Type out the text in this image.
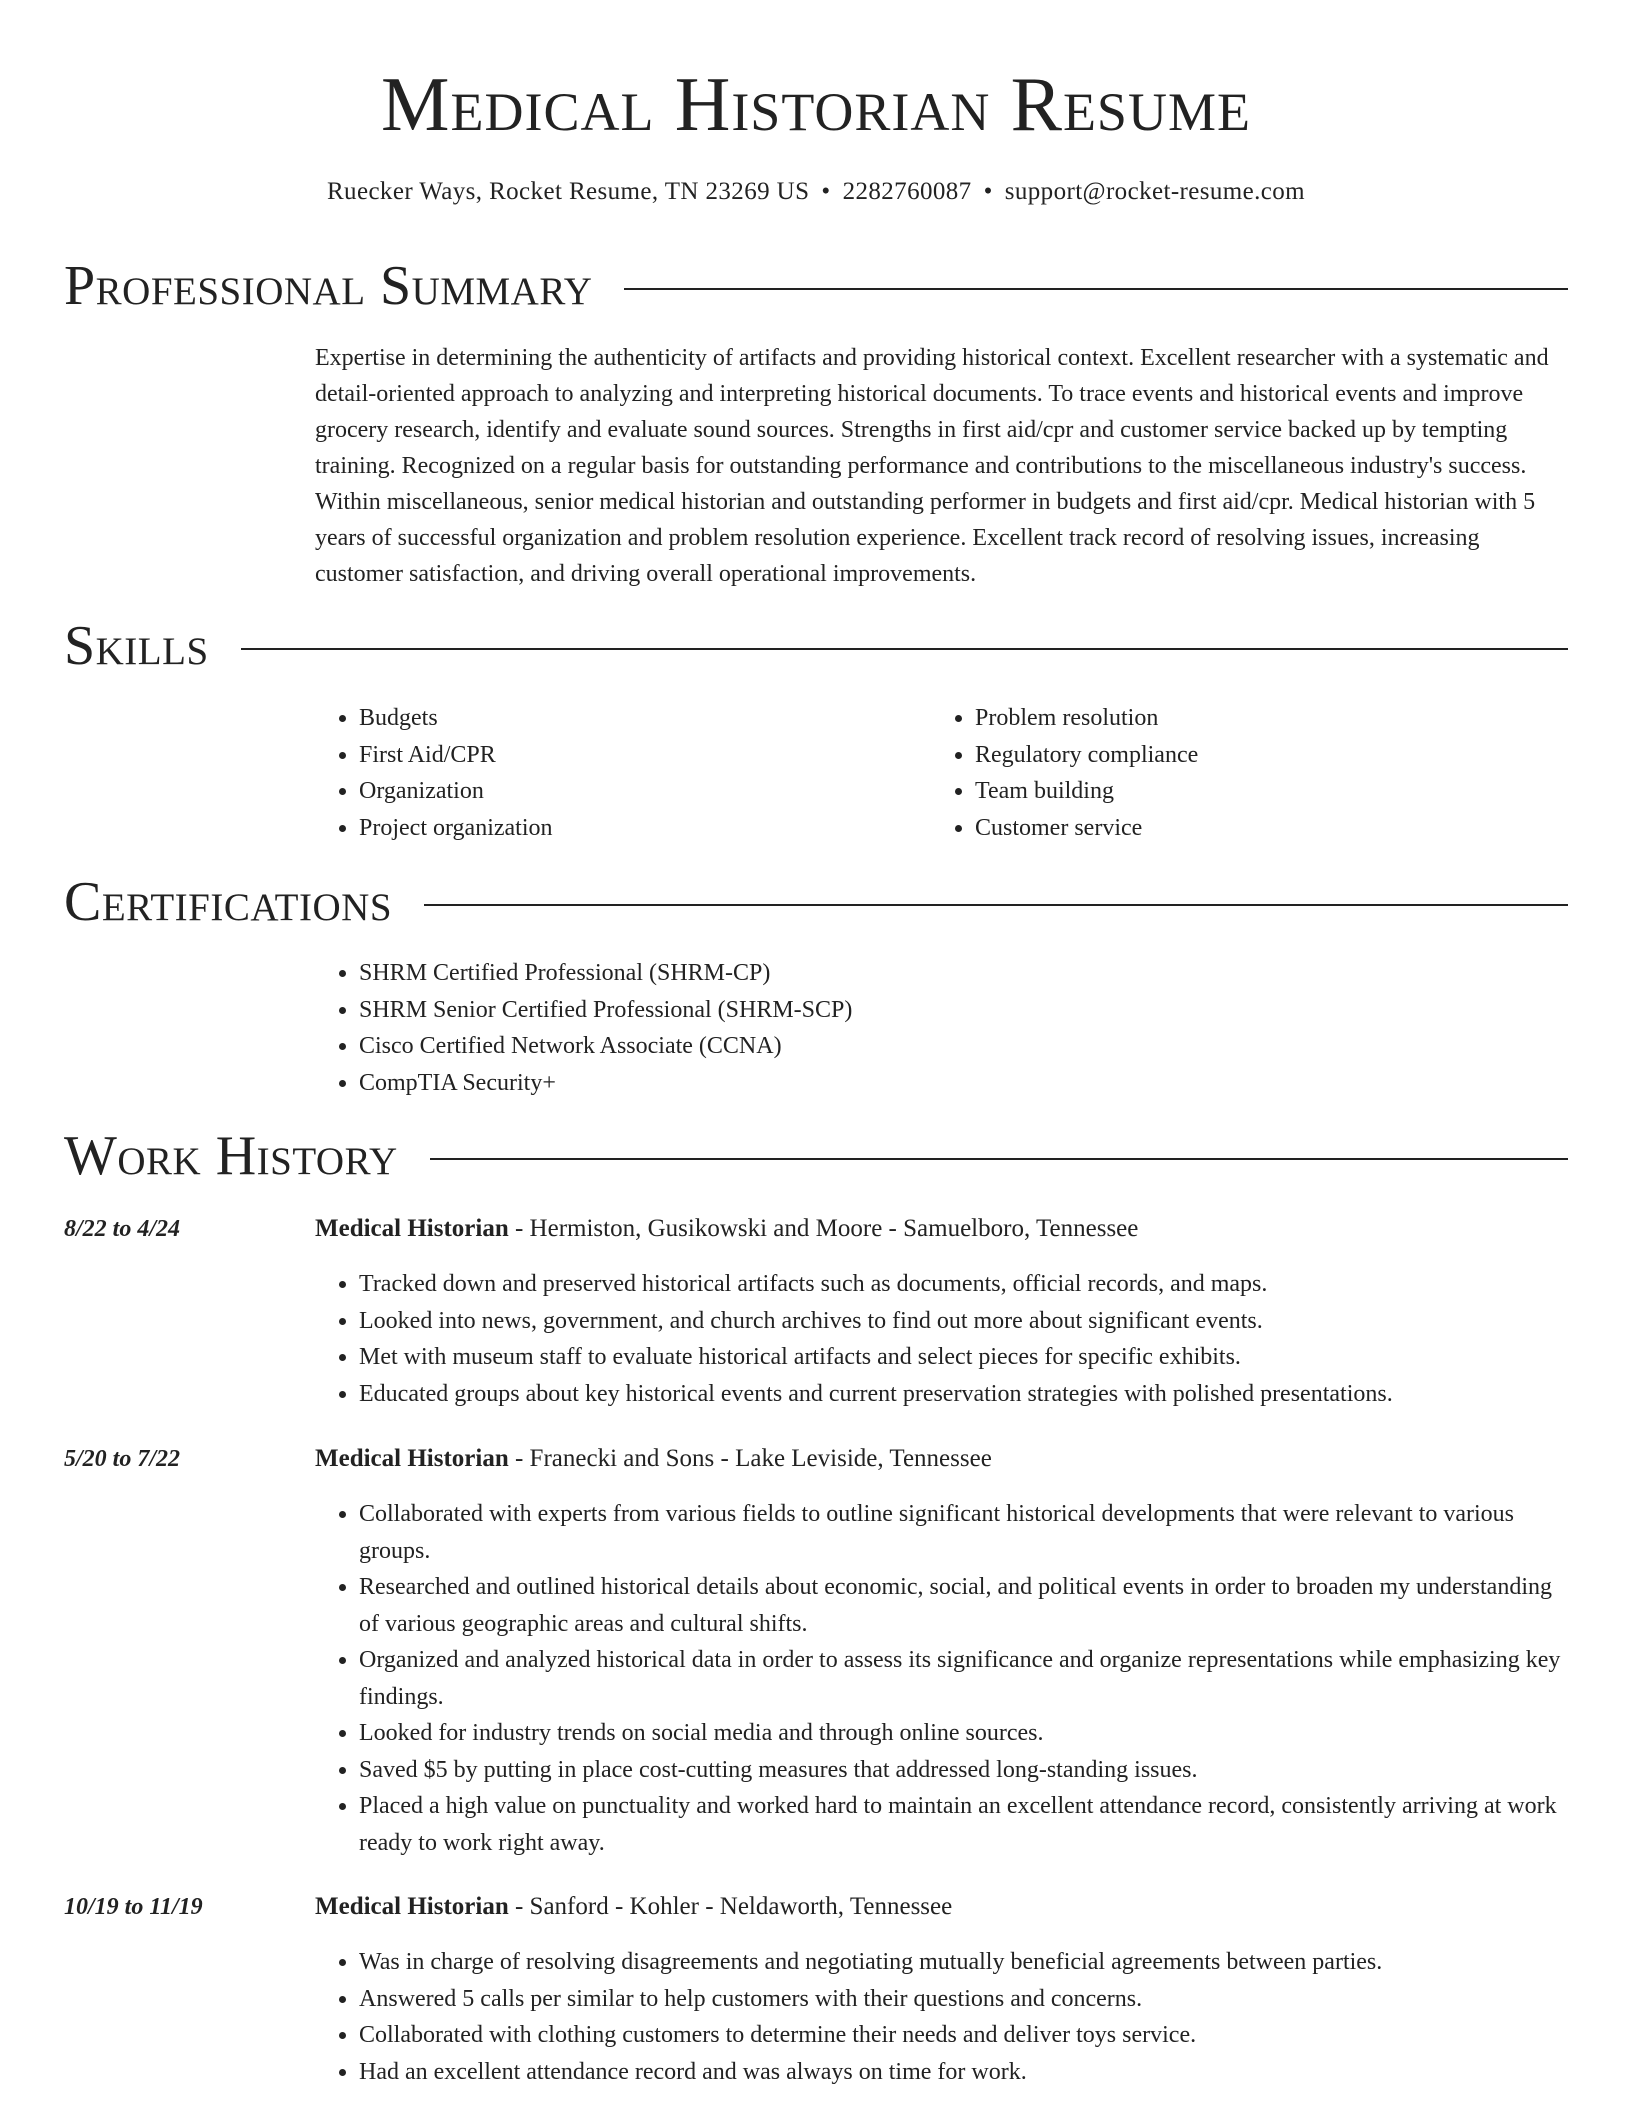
Medical Historian Resume
Ruecker Ways, Rocket Resume, TN 23269 US • 2282760087 • support@rocket-resume.com
Professional Summary

Expertise in determining the authenticity of artifacts and providing historical context. Excellent researcher with a systematic and detail-oriented approach to analyzing and interpreting historical documents. To trace events and historical events and improve grocery research, identify and evaluate sound sources. Strengths in first aid/cpr and customer service backed up by tempting training. Recognized on a regular basis for outstanding performance and contributions to the miscellaneous industry's success. Within miscellaneous, senior medical historian and outstanding performer in budgets and first aid/cpr. Medical historian with 5 years of successful organization and problem resolution experience. Excellent track record of resolving issues, increasing customer satisfaction, and driving overall operational improvements.

Skills
• Budgets
• First Aid/CPR
• Organization
• Project organization
• Problem resolution
• Regulatory compliance
• Team building
• Customer service
Certifications
• SHRM Certified Professional (SHRM-CP)
• SHRM Senior Certified Professional (SHRM-SCP)
• Cisco Certified Network Associate (CCNA)
• CompTIA Security+
Work History
8/22 to 4/24	Medical Historian - Hermiston, Gusikowski and Moore - Samuelboro, Tennessee
• Tracked down and preserved historical artifacts such as documents, official records, and maps.
• Looked into news, government, and church archives to find out more about significant events.
• Met with museum staff to evaluate historical artifacts and select pieces for specific exhibits.
• Educated groups about key historical events and current preservation strategies with polished presentations.
5/20 to 7/22	Medical Historian - Franecki and Sons - Lake Leviside, Tennessee
• Collaborated with experts from various fields to outline significant historical developments that were relevant to various groups.
• Researched and outlined historical details about economic, social, and political events in order to broaden my understanding of various geographic areas and cultural shifts.
• Organized and analyzed historical data in order to assess its significance and organize representations while emphasizing key findings.
• Looked for industry trends on social media and through online sources.
• Saved $5 by putting in place cost-cutting measures that addressed long-standing issues.
• Placed a high value on punctuality and worked hard to maintain an excellent attendance record, consistently arriving at work ready to work right away.
10/19 to 11/19	Medical Historian - Sanford - Kohler - Neldaworth, Tennessee
• Was in charge of resolving disagreements and negotiating mutually beneficial agreements between parties.
• Answered 5 calls per similar to help customers with their questions and concerns.
• Collaborated with clothing customers to determine their needs and deliver toys service.
• Had an excellent attendance record and was always on time for work.
